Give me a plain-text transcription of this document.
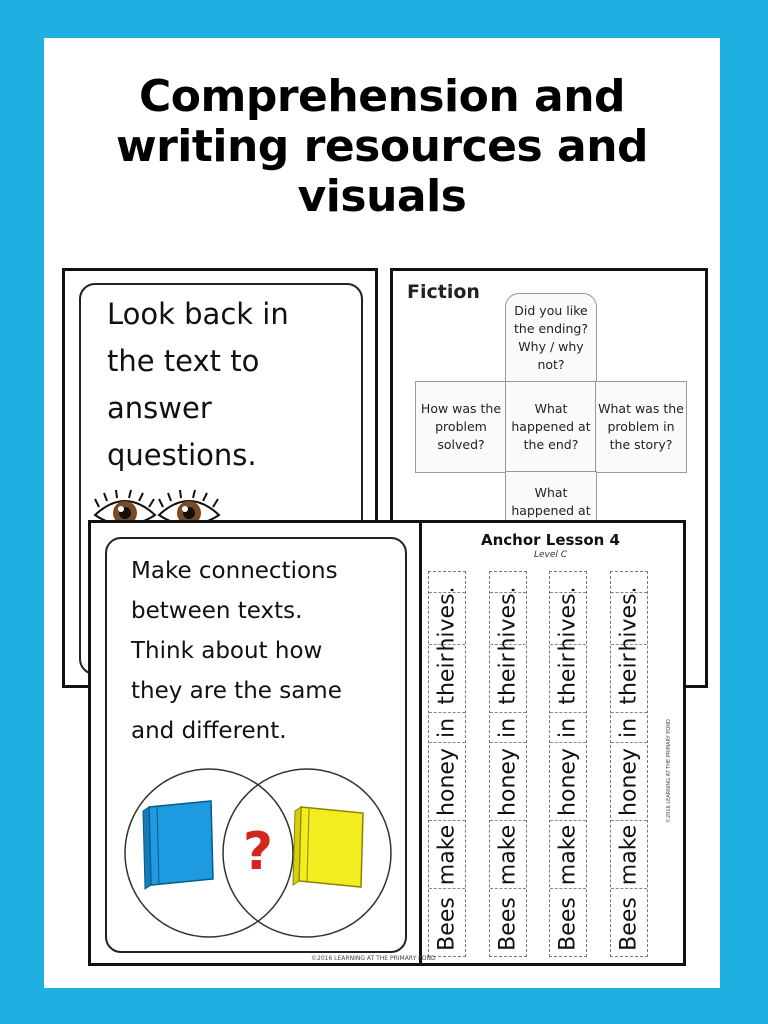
Comprehension and
writing resources and
visuals
Look back in
the text to
answer
questions.
Fiction
Did you like the ending? Why / why not?
How was the problem solved?
What happened at the end?
What was the problem in the story?
What happened at
Anchor Lesson 4
Level C
hives.
their
in
honey
make
Bees
hives.
their
in
honey
make
Bees
hives.
their
in
honey
make
Bees
hives.
their
in
honey
make
Bees
©2016 LEARNING AT THE PRIMARY POND
Make connections
between texts.
Think about how
they are the same
and different.
?
©2016 LEARNING AT THE PRIMARY POND
